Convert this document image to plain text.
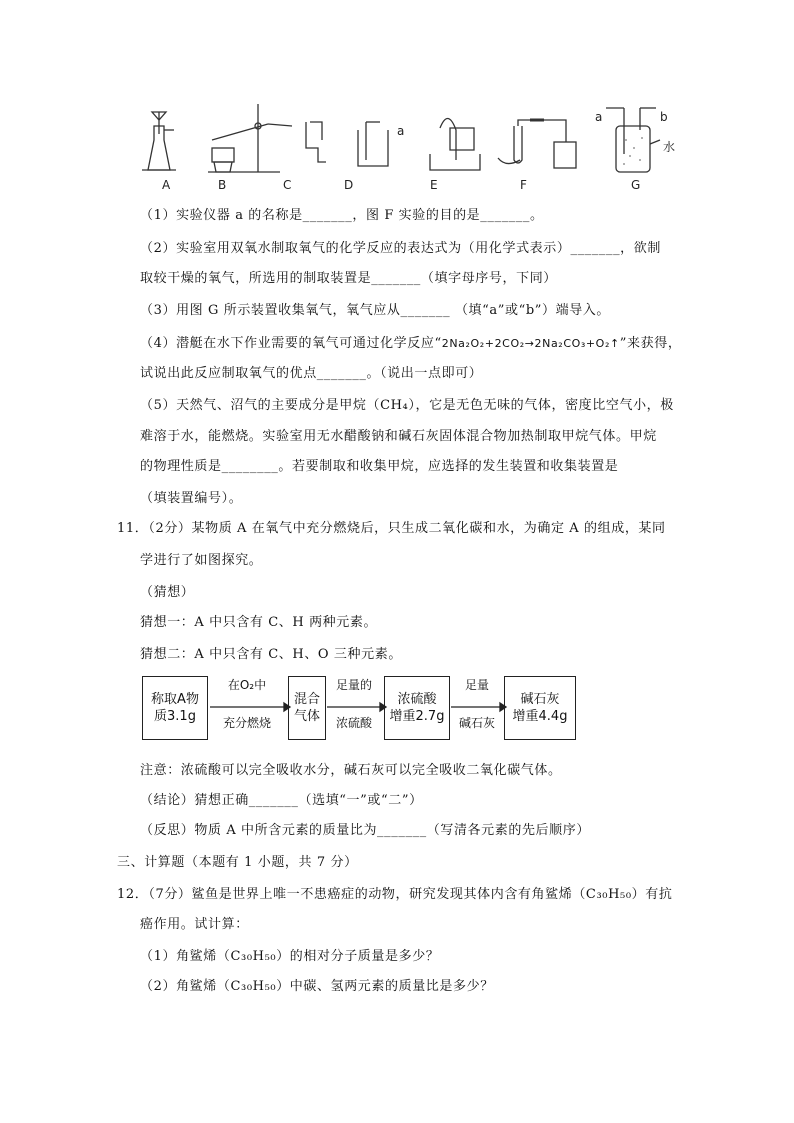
A	B	C	D	E	F	G
a
a	b
水
（1）实验仪器 a 的名称是_______，图 F 实验的目的是_______。
（2）实验室用双氧水制取氧气的化学反应的表达式为（用化学式表示）_______，欲制
取较干燥的氧气，所选用的制取装置是_______（填字母序号，下同）
（3）用图 G 所示装置收集氧气，氧气应从_______ （填“a”或“b”）端导入。
（4）潜艇在水下作业需要的氧气可通过化学反应“2Na₂O₂+2CO₂→2Na₂CO₃+O₂↑”来获得，
试说出此反应制取氧气的优点_______。（说出一点即可）
（5）天然气、沼气的主要成分是甲烷（CH₄），它是无色无味的气体，密度比空气小，极
难溶于水，能燃烧。实验室用无水醋酸钠和碱石灰固体混合物加热制取甲烷气体。甲烷
的物理性质是________。若要制取和收集甲烷，应选择的发生装置和收集装置是
（填装置编号）。
11．（2分）某物质 A 在氧气中充分燃烧后，只生成二氧化碳和水，为确定 A 的组成，某同
学进行了如图探究。
（猜想）
猜想一：A 中只含有 C、H 两种元素。
猜想二：A 中只含有 C、H、O 三种元素。
称取A物
质3.1g
在O₂中
充分燃烧
混合
气体
足量的
浓硫酸
浓硫酸
增重2.7g
足量
碱石灰
碱石灰
增重4.4g
注意：浓硫酸可以完全吸收水分，碱石灰可以完全吸收二氧化碳气体。
（结论）猜想正确_______（选填“一”或“二”）
（反思）物质 A 中所含元素的质量比为_______（写清各元素的先后顺序）
三、计算题（本题有 1 小题，共 7 分）
12．（7分）鲨鱼是世界上唯一不患癌症的动物，研究发现其体内含有角鲨烯（C₃₀H₅₀）有抗
癌作用。试计算：
（1）角鲨烯（C₃₀H₅₀）的相对分子质量是多少？
（2）角鲨烯（C₃₀H₅₀）中碳、氢两元素的质量比是多少？
